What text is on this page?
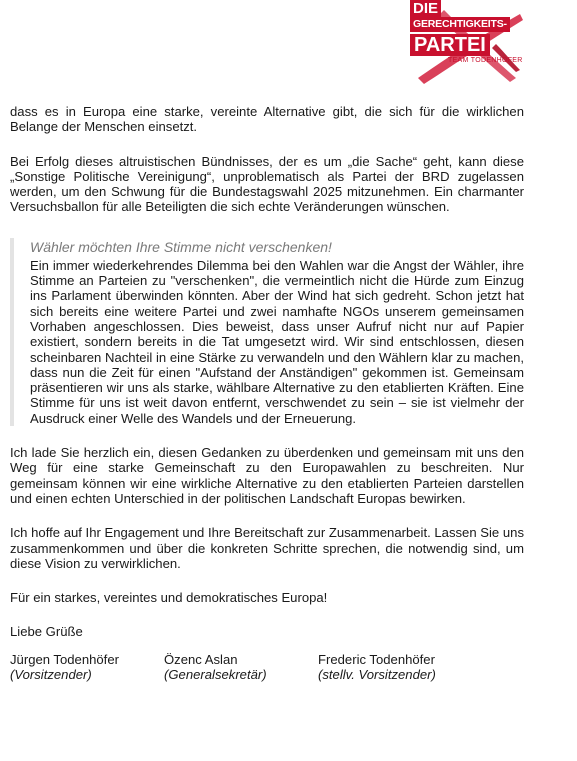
DIE
GERECHTIGKEITS-
PARTEI
TEAM TODENHÖFER

dass es in Europa eine starke, vereinte Alternative gibt, die sich für die wirklichen Belange der Menschen einsetzt.

Bei Erfolg dieses altruistischen Bündnisses, der es um „die Sache“ geht, kann diese „Sonstige Politische Vereinigung“, unproblematisch als Partei der BRD zugelassen werden, um den Schwung für die Bundestagswahl 2025 mitzunehmen. Ein charmanter Versuchsballon für alle Beteiligten die sich echte Veränderungen wünschen.

Wähler möchten Ihre Stimme nicht verschenken!

Ein immer wiederkehrendes Dilemma bei den Wahlen war die Angst der Wähler, ihre Stimme an Parteien zu "verschenken", die vermeintlich nicht die Hürde zum Einzug ins Parlament überwinden könnten. Aber der Wind hat sich gedreht. Schon jetzt hat sich bereits eine weitere Partei und zwei namhafte NGOs unserem gemeinsamen Vorhaben angeschlossen. Dies beweist, dass unser Aufruf nicht nur auf Papier existiert, sondern bereits in die Tat umgesetzt wird. Wir sind entschlossen, diesen scheinbaren Nachteil in eine Stärke zu verwandeln und den Wählern klar zu machen, dass nun die Zeit für einen "Aufstand der Anständigen" gekommen ist. Gemeinsam präsentieren wir uns als starke, wählbare Alternative zu den etablierten Kräften. Eine Stimme für uns ist weit davon entfernt, verschwendet zu sein – sie ist vielmehr der Ausdruck einer Welle des Wandels und der Erneuerung.

Ich lade Sie herzlich ein, diesen Gedanken zu überdenken und gemeinsam mit uns den Weg für eine starke Gemeinschaft zu den Europawahlen zu beschreiten. Nur gemeinsam können wir eine wirkliche Alternative zu den etablierten Parteien darstellen und einen echten Unterschied in der politischen Landschaft Europas bewirken.

Ich hoffe auf Ihr Engagement und Ihre Bereitschaft zur Zusammenarbeit. Lassen Sie uns zusammenkommen und über die konkreten Schritte sprechen, die notwendig sind, um diese Vision zu verwirklichen.

Für ein starkes, vereintes und demokratisches Europa!

Liebe Grüße

Jürgen Todenhöfer
(Vorsitzender)
Özenc Aslan
(Generalsekretär)
Frederic Todenhöfer
(stellv. Vorsitzender)
